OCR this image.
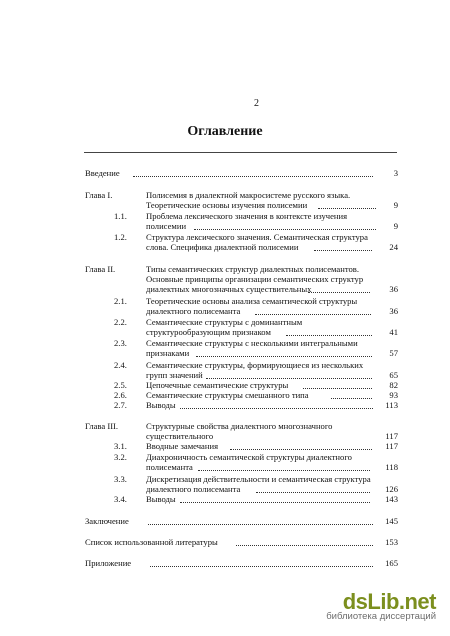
2
Оглавление
Введение	3
Глава I.	Полисемия в диалектной макросистеме русского языка.
Теоретические основы изучения полисемии	9
1.1. Проблема лексического значения в контексте изучения
полисемии	9
1.2. Структура лексического значения. Семантическая структура
слова. Специфика диалектной полисемии	24
Глава II.	Типы семантических структур диалектных полисемантов.
Основные принципы организации семантических структур
диалектных многозначных существительных	36
2.1. Теоретические основы анализа семантической структуры
диалектного полисеманта	36
2.2. Семантические структуры с доминантным
структурообразующим признаком	41
2.3. Семантические структуры с несколькими интегральными
признаками	57
2.4. Семантические структуры, формирующиеся из нескольких
групп значений	65
2.5. Цепочечные семантические структуры	82
2.6. Семантические структуры смешанного типа	93
2.7. Выводы	113
Глава III.	Структурные свойства диалектного многозначного
существительного	117
3.1. Вводные замечания	117
3.2. Диахроничность семантической структуры диалектного
полисеманта	118
3.3. Дискретизация действительности и семантическая структура
диалектного полисеманта	126
3.4. Выводы	143
Заключение	145
Список использованной литературы	153
Приложение	165
dsLib.net
библиотека диссертаций
